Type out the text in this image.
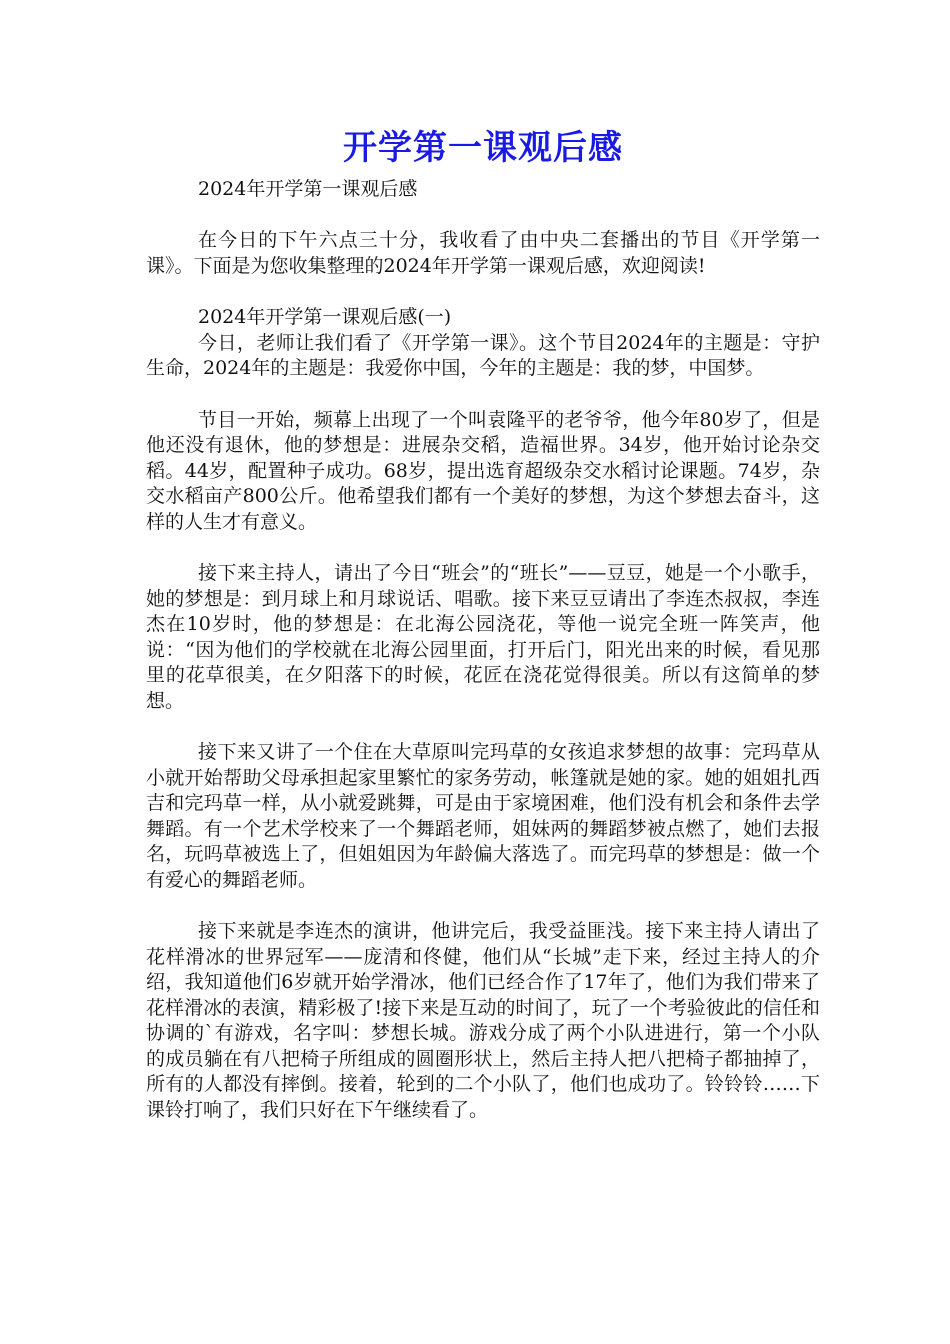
开学第一课观后感

2024年开学第一课观后感

在今日的下午六点三十分，我收看了由中央二套播出的节目《开学第一课》。下面是为您收集整理的2024年开学第一课观后感，欢迎阅读!

2024年开学第一课观后感(一)

今日，老师让我们看了《开学第一课》。这个节目2024年的主题是：守护生命，2024年的主题是：我爱你中国，今年的主题是：我的梦，中国梦。

节目一开始，频幕上出现了一个叫袁隆平的老爷爷，他今年80岁了，但是他还没有退休，他的梦想是：进展杂交稻，造福世界。34岁，他开始讨论杂交稻。44岁，配置种子成功。68岁，提出选育超级杂交水稻讨论课题。74岁，杂交水稻亩产800公斤。他希望我们都有一个美好的梦想，为这个梦想去奋斗，这样的人生才有意义。

接下来主持人，请出了今日“班会”的“班长”——豆豆，她是一个小歌手，她的梦想是：到月球上和月球说话、唱歌。接下来豆豆请出了李连杰叔叔，李连杰在10岁时，他的梦想是：在北海公园浇花，等他一说完全班一阵笑声，他说：“因为他们的学校就在北海公园里面，打开后门，阳光出来的时候，看见那里的花草很美，在夕阳落下的时候，花匠在浇花觉得很美。所以有这简单的梦想。

接下来又讲了一个住在大草原叫完玛草的女孩追求梦想的故事：完玛草从小就开始帮助父母承担起家里繁忙的家务劳动，帐篷就是她的家。她的姐姐扎西吉和完玛草一样，从小就爱跳舞，可是由于家境困难，他们没有机会和条件去学舞蹈。有一个艺术学校来了一个舞蹈老师，姐妹两的舞蹈梦被点燃了，她们去报名，玩吗草被选上了，但姐姐因为年龄偏大落选了。而完玛草的梦想是：做一个有爱心的舞蹈老师。

接下来就是李连杰的演讲，他讲完后，我受益匪浅。接下来主持人请出了花样滑冰的世界冠军——庞清和佟健，他们从“长城”走下来，经过主持人的介绍，我知道他们6岁就开始学滑冰，他们已经合作了17年了，他们为我们带来了花样滑冰的表演，精彩极了!接下来是互动的时间了，玩了一个考验彼此的信任和协调的`有游戏，名字叫：梦想长城。游戏分成了两个小队进进行，第一个小队的成员躺在有八把椅子所组成的圆圈形状上，然后主持人把八把椅子都抽掉了，所有的人都没有摔倒。接着，轮到的二个小队了，他们也成功了。铃铃铃……下课铃打响了，我们只好在下午继续看了。
